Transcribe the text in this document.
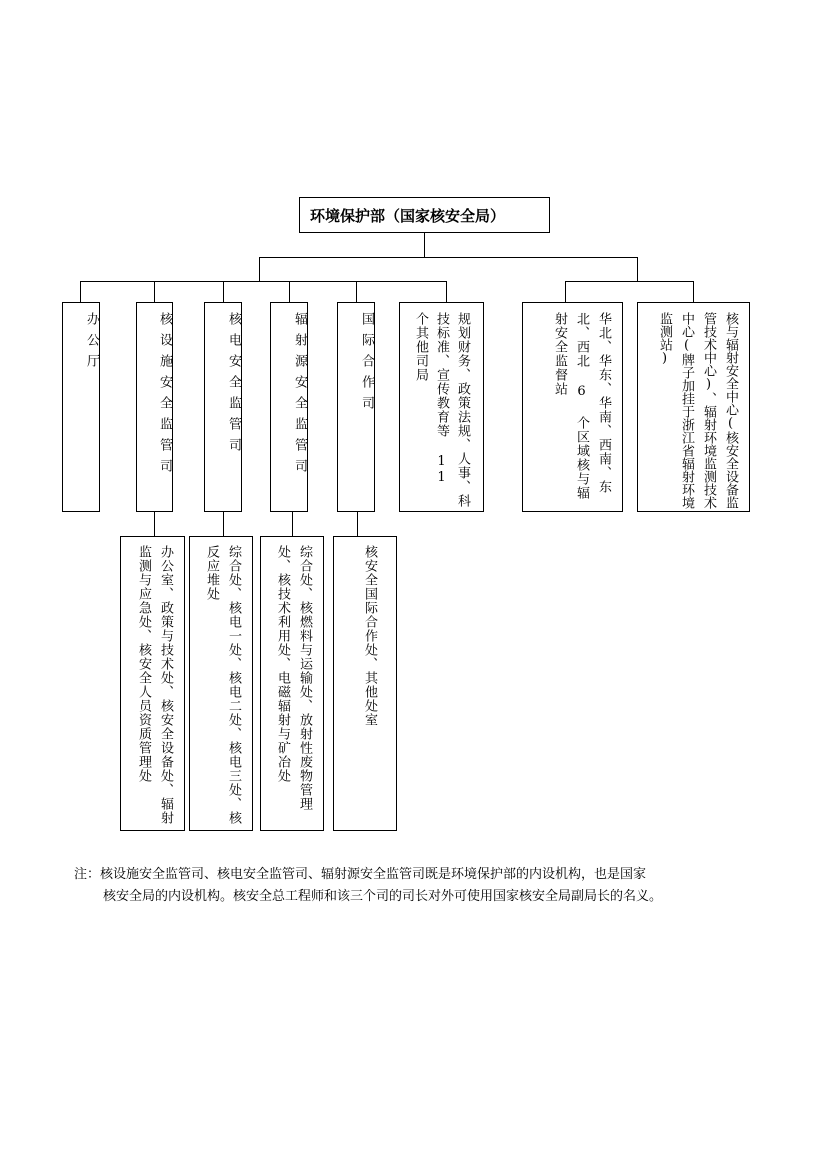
环境保护部（国家核安全局）
办公厅	核设施安全监管司	核电安全监管司	辐射源安全监管司	国际合作司	规划财务、政策法规、人事、科技标准、宣传教育等 11 个其他司局	华北、华东、华南、西南、东北、西北 6 个区域核与辐射安全监督站	核与辐射安全中心(核安全设备监管技术中心)、辐射环境监测技术中心(牌子加挂于浙江省辐射环境监测站)
办公室、政策与技术处、核安全设备处、辐射监测与应急处、核安全人员资质管理处	综合处、核电一处、核电二处、核电三处、核反应堆处	综合处、核燃料与运输处、放射性废物管理处、核技术利用处、电磁辐射与矿冶处	核安全国际合作处、其他处室
注：核设施安全监管司、核电安全监管司、辐射源安全监管司既是环境保护部的内设机构，也是国家
核安全局的内设机构。核安全总工程师和该三个司的司长对外可使用国家核安全局副局长的名义。
